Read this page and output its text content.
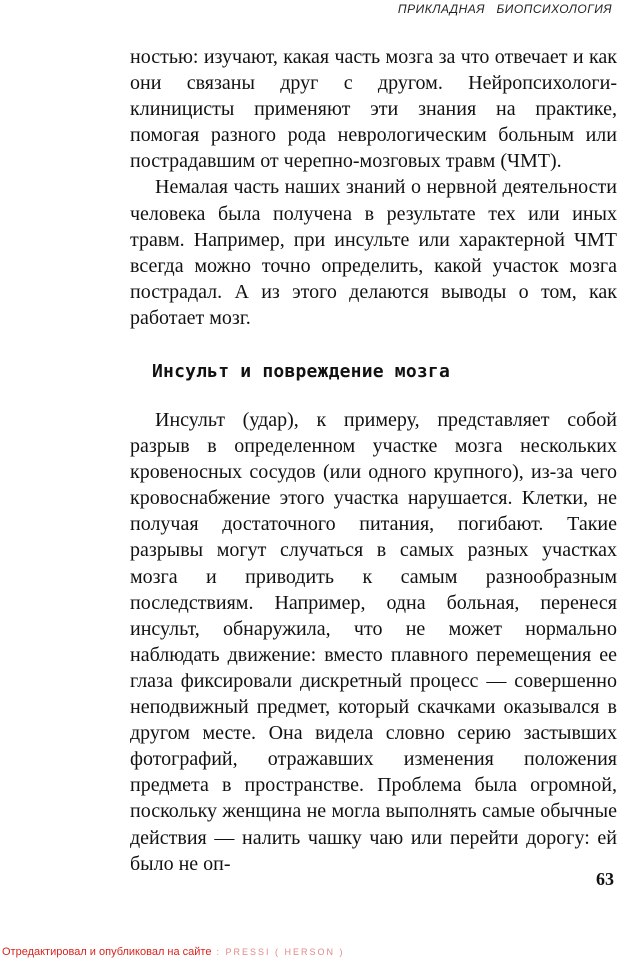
ПРИКЛАДНАЯ   БИОПСИХОЛОГИЯ

ностью: изучают, какая часть мозга за что отвечает и как они связаны друг с другом. Нейропсихологи-клиницисты применяют эти знания на практике, помогая разного рода неврологическим больным или пострадавшим от черепно-мозговых травм (ЧМТ).

Немалая часть наших знаний о нервной деятельности человека была получена в результате тех или иных травм. Например, при инсульте или характерной ЧМТ всегда можно точно определить, какой участок мозга пострадал. А из этого делаются выводы о том, как работает мозг.

Инсульт и повреждение мозга

Инсульт (удар), к примеру, представляет собой разрыв в определенном участке мозга нескольких кровеносных сосудов (или одного крупного), из-за чего кровоснабжение этого участка нарушается. Клетки, не получая достаточного питания, погибают. Такие разрывы могут случаться в самых разных участках мозга и приводить к самым разнообразным последствиям. Например, одна больная, перенеся инсульт, обнаружила, что не может нормально наблюдать движение: вместо плавного перемещения ее глаза фиксировали дискретный процесс — совершенно неподвижный предмет, который скачками оказывался в другом месте. Она видела словно серию застывших фотографий, отражавших изменения положения предмета в пространстве. Проблема была огромной, поскольку женщина не могла выполнять самые обычные действия — налить чашку чаю или перейти дорогу: ей было не оп-

63
Отредактировал и опубликовал на сайте : PRESSI ( HERSON )
